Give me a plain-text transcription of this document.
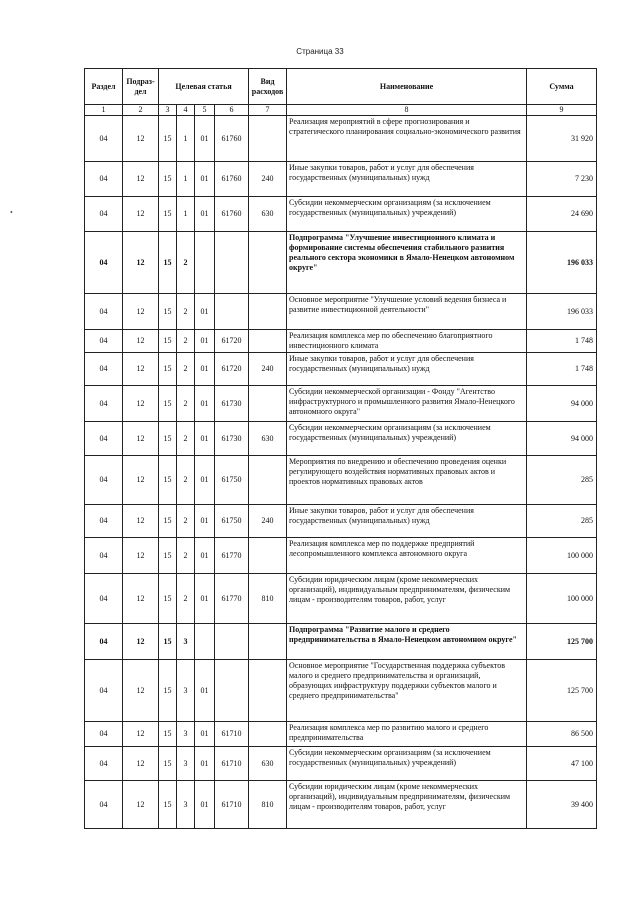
Страница 33
•
Раздел	Подраз-дел	Целевая статья				Вид расходов	Наименование	Сумма
1	2	3	4	5	6	7	8	9
04	12	15	1	01	61760		Реализация мероприятий в сфере прогнозирования и стратегического планирования социально-экономического развития	31 920
04	12	15	1	01	61760	240	Иные закупки товаров, работ и услуг для обеспечения государственных (муниципальных) нужд	7 230
04	12	15	1	01	61760	630	Субсидии некоммерческим организациям (за исключением государственных (муниципальных) учреждений)	24 690
04	12	15	2				Подпрограмма "Улучшение инвестиционного климата и формирование системы обеспечения стабильного развития реального сектора экономики в Ямало-Ненецком автономном округе"	196 033
04	12	15	2	01			Основное мероприятие "Улучшение условий ведения бизнеса и развитие инвестиционной деятельности"	196 033
04	12	15	2	01	61720		Реализация комплекса мер по обеспечению благоприятного инвестиционного климата	1 748
04	12	15	2	01	61720	240	Иные закупки товаров, работ и услуг для обеспечения государственных (муниципальных) нужд	1 748
04	12	15	2	01	61730		Субсидии некоммерческой организации - Фонду "Агентство инфраструктурного и промышленного развития Ямало-Ненецкого автономного округа"	94 000
04	12	15	2	01	61730	630	Субсидии некоммерческим организациям (за исключением государственных (муниципальных) учреждений)	94 000
04	12	15	2	01	61750		Мероприятия по внедрению и обеспечению проведения оценки регулирующего воздействия нормативных правовых актов и проектов нормативных правовых актов	285
04	12	15	2	01	61750	240	Иные закупки товаров, работ и услуг для обеспечения государственных (муниципальных) нужд	285
04	12	15	2	01	61770		Реализация комплекса мер по поддержке предприятий лесопромышленного комплекса автономного округа	100 000
04	12	15	2	01	61770	810	Субсидии юридическим лицам (кроме некоммерческих организаций), индивидуальным предпринимателям, физическим лицам - производителям товаров, работ, услуг	100 000
04	12	15	3				Подпрограмма "Развитие малого и среднего предпринимательства в Ямало-Ненецком автономном округе"	125 700
04	12	15	3	01			Основное мероприятие "Государственная поддержка субъектов малого и среднего предпринимательства и организаций, образующих инфраструктуру поддержки субъектов малого и среднего предпринимательства"	125 700
04	12	15	3	01	61710		Реализация комплекса мер по развитию малого и среднего предпринимательства	86 500
04	12	15	3	01	61710	630	Субсидии некоммерческим организациям (за исключением государственных (муниципальных) учреждений)	47 100
04	12	15	3	01	61710	810	Субсидии юридическим лицам (кроме некоммерческих организаций), индивидуальным предпринимателям, физическим лицам - производителям товаров, работ, услуг	39 400
